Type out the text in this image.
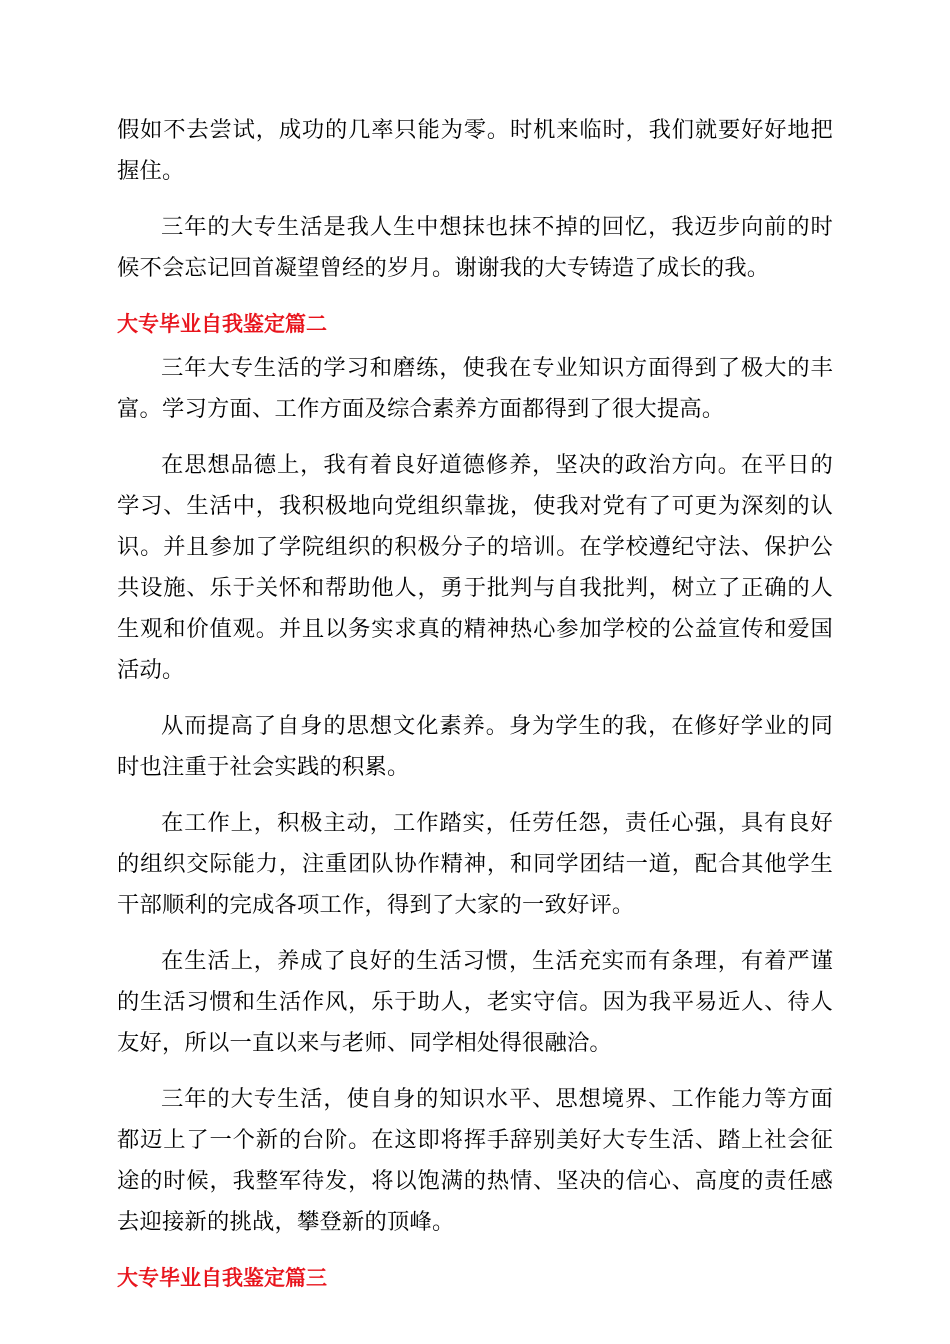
假如不去尝试，成功的几率只能为零。时机来临时，我们就要好好地把握住。

三年的大专生活是我人生中想抹也抹不掉的回忆，我迈步向前的时候不会忘记回首凝望曾经的岁月。谢谢我的大专铸造了成长的我。

大专毕业自我鉴定篇二

三年大专生活的学习和磨练，使我在专业知识方面得到了极大的丰富。学习方面、工作方面及综合素养方面都得到了很大提高。

在思想品德上，我有着良好道德修养，坚决的政治方向。在平日的学习、生活中，我积极地向党组织靠拢，使我对党有了可更为深刻的认识。并且参加了学院组织的积极分子的培训。在学校遵纪守法、保护公共设施、乐于关怀和帮助他人，勇于批判与自我批判，树立了正确的人生观和价值观。并且以务实求真的精神热心参加学校的公益宣传和爱国活动。

从而提高了自身的思想文化素养。身为学生的我，在修好学业的同时也注重于社会实践的积累。

在工作上，积极主动，工作踏实，任劳任怨，责任心强，具有良好的组织交际能力，注重团队协作精神，和同学团结一道，配合其他学生干部顺利的完成各项工作，得到了大家的一致好评。

在生活上，养成了良好的生活习惯，生活充实而有条理，有着严谨的生活习惯和生活作风，乐于助人，老实守信。因为我平易近人、待人友好，所以一直以来与老师、同学相处得很融洽。

三年的大专生活，使自身的知识水平、思想境界、工作能力等方面都迈上了一个新的台阶。在这即将挥手辞别美好大专生活、踏上社会征途的时候，我整军待发，将以饱满的热情、坚决的信心、高度的责任感去迎接新的挑战，攀登新的顶峰。

大专毕业自我鉴定篇三
